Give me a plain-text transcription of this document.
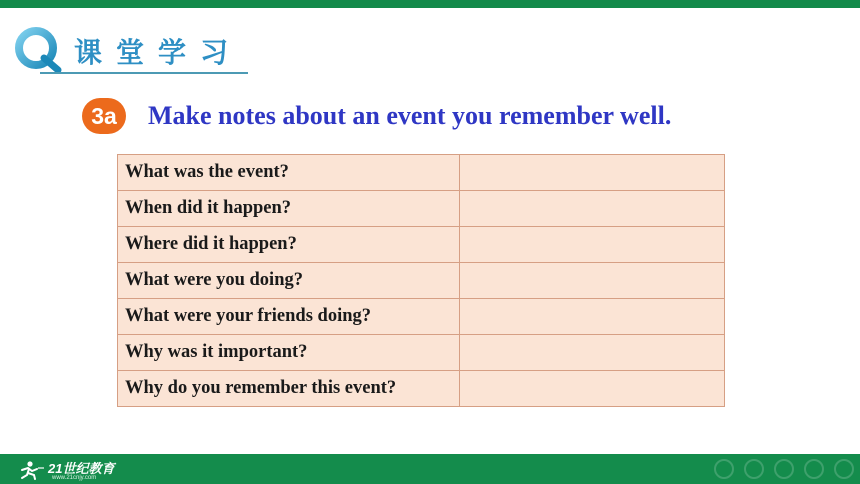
课堂学习
3a	Make notes about an event you remember well.
What was the event?	
When did it happen?	
Where did it happen?	
What were you doing?	
What were your friends doing?	
Why was it important?	
Why do you remember this event?	
21世纪教育
www.21cnjy.com
